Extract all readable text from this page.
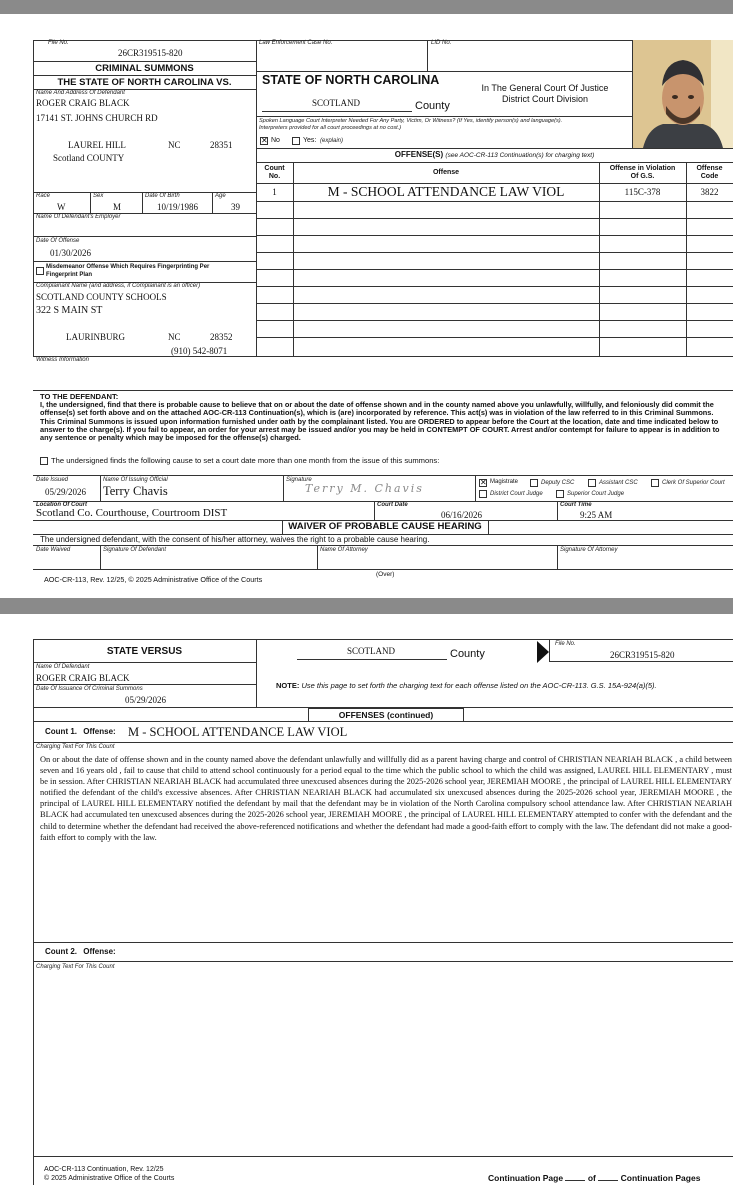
File No.
26CR319515-820
CRIMINAL SUMMONS
THE STATE OF NORTH CAROLINA VS.
Name And Address Of Defendant
ROGER CRAIG BLACK
17141 ST. JOHNS CHURCH RD
LAUREL HILL	NC	28351
Scotland COUNTY
Race
W
Sex
M
Date Of Birth
10/19/1986
Age
39
Name Of Defendant's Employer
Date Of Offense
01/30/2026
Misdemeanor Offense Which Requires Fingerprinting Per
Fingerprint Plan
Complainant Name (and address, if Complainant is an officer)
SCOTLAND COUNTY SCHOOLS
322 S MAIN ST
LAURINBURG	NC	28352
(910) 542-8071
Witness Information
Law Enforcement Case No.	LID No.
STATE OF NORTH CAROLINA
SCOTLAND	County
In The General Court Of Justice
District Court Division
Spoken Language Court Interpreter Needed For Any Party, Victim, Or Witness? (If Yes, identify person(s) and language(s).
Interpreters provided for all court proceedings at no cost.)
✕ No	Yes: (explain)
OFFENSE(S) (see AOC-CR-113 Continuation(s) for charging text)
Count
No.
Offense
Offense in Violation
Of G.S.
Offense
Code
1	M - SCHOOL ATTENDANCE LAW VIOL	115C-378	3822
TO THE DEFENDANT:
I, the undersigned, find that there is probable cause to believe that on or about the date of offense shown and in the county named above you unlawfully, willfully, and feloniously did commit the offense(s) set forth above and on the attached AOC-CR-113 Continuation(s), which is (are) incorporated by reference. This act(s) was in violation of the law referred to in this Criminal Summons. This Criminal Summons is issued upon information furnished under oath by the complainant listed. You are ORDERED to appear before the Court at the location, date and time indicated below to answer to the charge(s). If you fail to appear, an order for your arrest may be issued and/or you may be held in CONTEMPT OF COURT. Arrest and/or contempt for failure to appear is in addition to any sentence or penalty which may be imposed for the offense(s) charged.
The undersigned finds the following cause to set a court date more than one month from the issue of this summons:
Date Issued
05/29/2026
Name Of Issuing Official
Terry Chavis
Signature
Terry M. Chavis	✕ Magistrate	Deputy CSC	Assistant CSC	Clerk Of Superior Court
District Court Judge	Superior Court Judge
Location Of Court
Scotland Co. Courthouse, Courtroom DIST
Court Date
06/16/2026
Court Time
9:25 AM
WAIVER OF PROBABLE CAUSE HEARING
The undersigned defendant, with the consent of his/her attorney, waives the right to a probable cause hearing.
Date Waived	Signature Of Defendant	Name Of Attorney	Signature Of Attorney
AOC-CR-113, Rev. 12/25, © 2025 Administrative Office of the Courts
(Over)
STATE VERSUS
Name Of Defendant
ROGER CRAIG BLACK
Date Of Issuance Of Criminal Summons
05/29/2026
SCOTLAND	County
File No.
26CR319515-820
NOTE: Use this page to set forth the charging text for each offense listed on the AOC-CR-113. G.S. 15A-924(a)(5).
OFFENSES (continued)
Count 1. Offense: M - SCHOOL ATTENDANCE LAW VIOL
Charging Text For This Count
On or about the date of offense shown and in the county named above the defendant unlawfully and willfully did as a parent having charge and control of CHRISTIAN NEARIAH BLACK , a child between seven and 16 years old , fail to cause that child to attend school continuously for a period equal to the time which the public school to which the child was assigned, LAUREL HILL ELEMENTARY , must be in session. After CHRISTIAN NEARIAH BLACK had accumulated three unexcused absences during the 2025-2026 school year, JEREMIAH MOORE , the principal of LAUREL HILL ELEMENTARY notified the defendant of the child's excessive absences. After CHRISTIAN NEARIAH BLACK had accumulated six unexcused absences during the 2025-2026 school year, JEREMIAH MOORE , the principal of LAUREL HILL ELEMENTARY notified the defendant by mail that the defendant may be in violation of the North Carolina compulsory school attendance law. After CHRISTIAN NEARIAH BLACK had accumulated ten unexcused absences during the 2025-2026 school year, JEREMIAH MOORE , the principal of LAUREL HILL ELEMENTARY attempted to confer with the defendant and the child to determine whether the defendant had received the above-referenced notifications and whether the defendant had made a good-faith effort to comply with the law. The defendant did not make a good-faith effort to comply with the law.
Count 2. Offense:
Charging Text For This Count
AOC-CR-113 Continuation, Rev. 12/25
© 2025 Administrative Office of the Courts	Continuation Page	of	Continuation Pages
